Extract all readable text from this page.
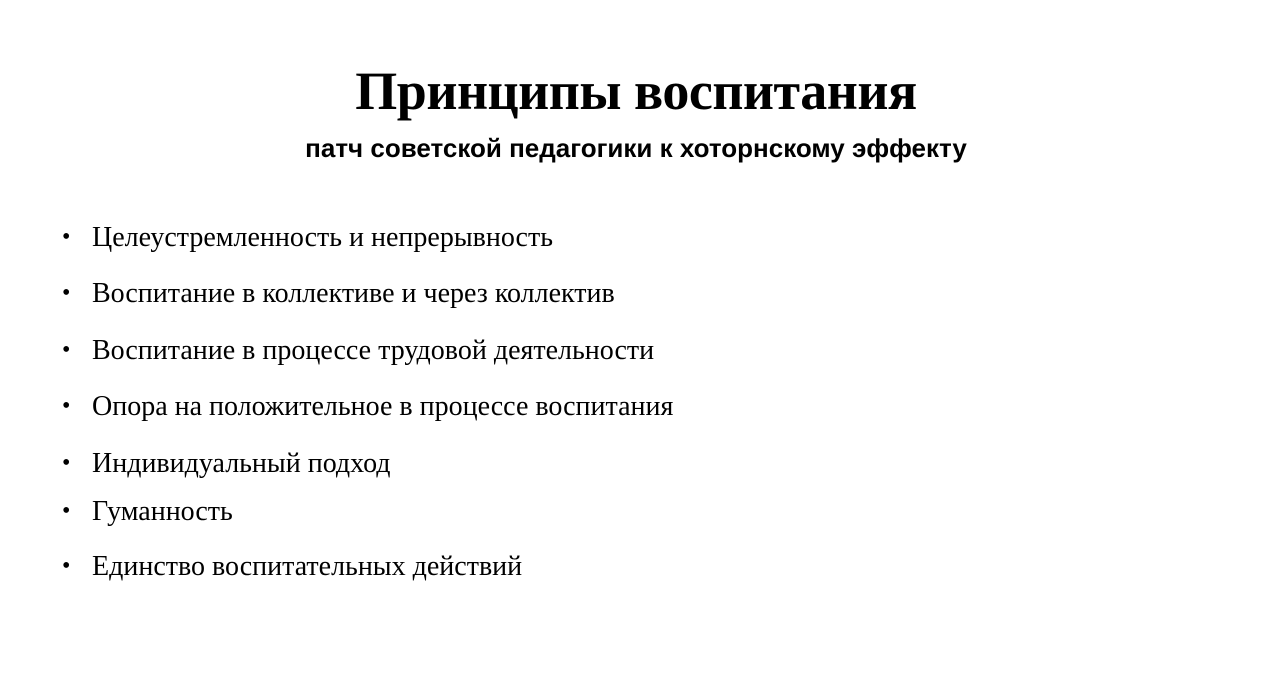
Принципы воспитания
патч советской педагогики к хоторнскому эффекту
• Целеустремленность и непрерывность
• Воспитание в коллективе и через коллектив
• Воспитание в процессе трудовой деятельности
• Опора на положительное в процессе воспитания
• Индивидуальный подход
• Гуманность
• Единство воспитательных действий
